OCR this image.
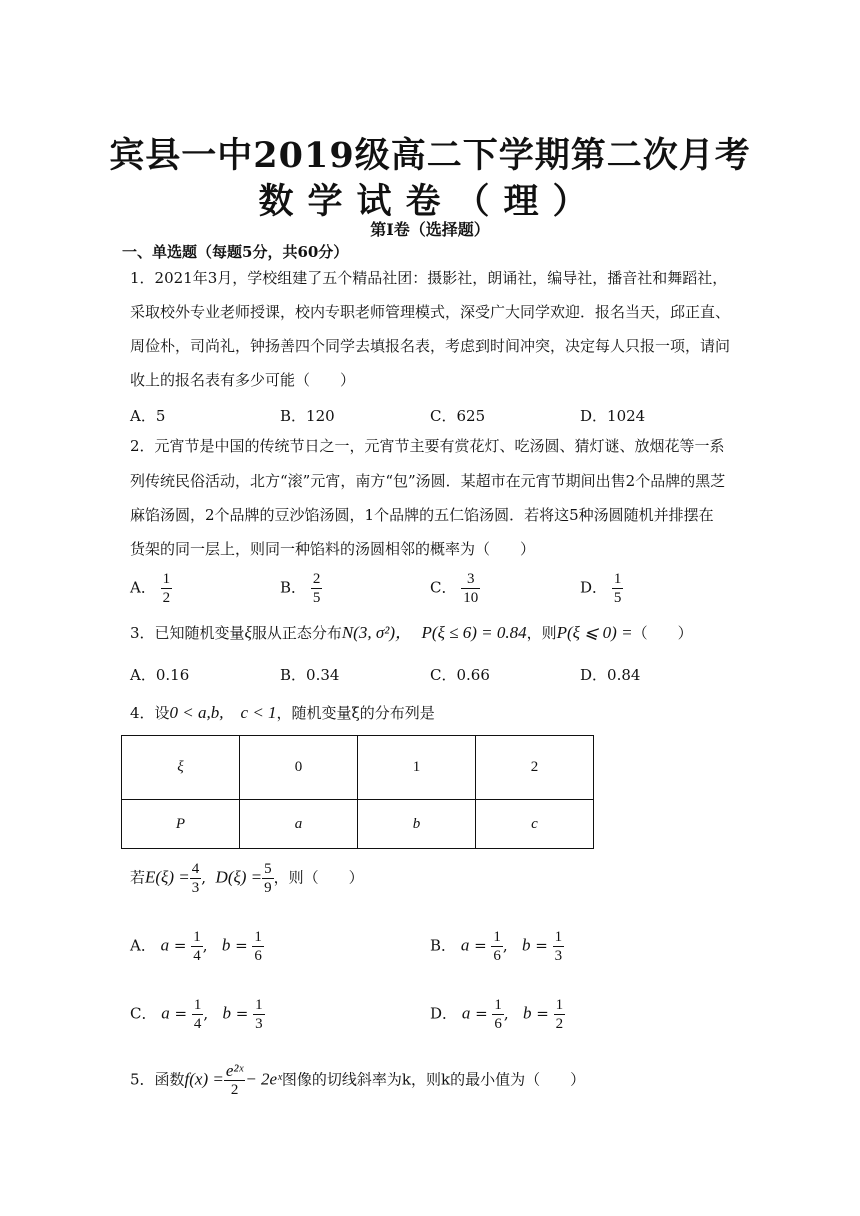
宾县一中2019级高二下学期第二次月考
数学试卷（理）
第Ⅰ卷（选择题）
一、单选题（每题5分，共60分）
1．2021年3月，学校组建了五个精品社团：摄影社，朗诵社，编导社，播音社和舞蹈社，
采取校外专业老师授课，校内专职老师管理模式，深受广大同学欢迎．报名当天，邱正直、
周俭朴，司尚礼，钟扬善四个同学去填报名表，考虑到时间冲突，决定每人只报一项，请问
收上的报名表有多少可能（　　）
A．5	B．120	C．625	D．1024
2．元宵节是中国的传统节日之一，元宵节主要有赏花灯、吃汤圆、猜灯谜、放烟花等一系
列传统民俗活动，北方“滚”元宵，南方“包”汤圆．某超市在元宵节期间出售2个品牌的黑芝
麻馅汤圆，2个品牌的豆沙馅汤圆，1个品牌的五仁馅汤圆．若将这5种汤圆随机并排摆在
货架的同一层上，则同一种馅料的汤圆相邻的概率为（　　）
A． $\frac{1}{2}$	B． $\frac{2}{5}$	C． $\frac{3}{10}$	D． $\frac{1}{5}$
3．已知随机变量ξ服从正态分布N(3, σ²)， P(ξ ≤ 6) = 0.84，则P(ξ ⩽ 0) =（　　）
A．0.16	B．0.34	C．0.66	D．0.84
4．设0 < a,b,　c < 1，随机变量ξ的分布列是
ξ	0	1	2
P	a	b	c
若$E(\xi) = \frac{4}{3}$ ,  $D(\xi) = \frac{5}{9}$ ，则（　　）
A． $a = \frac{1}{4}$ ,   $b = \frac{1}{6}$	B． $a = \frac{1}{6}$ ,   $b = \frac{1}{3}$
C． $a = \frac{1}{4}$ ,   $b = \frac{1}{3}$	D． $a = \frac{1}{6}$ ,   $b = \frac{1}{2}$
5．函数$f(x) = \frac{\text{e²ˣ}}{2}$ − 2eˣ图像的切线斜率为k，则k的最小值为（　　）
